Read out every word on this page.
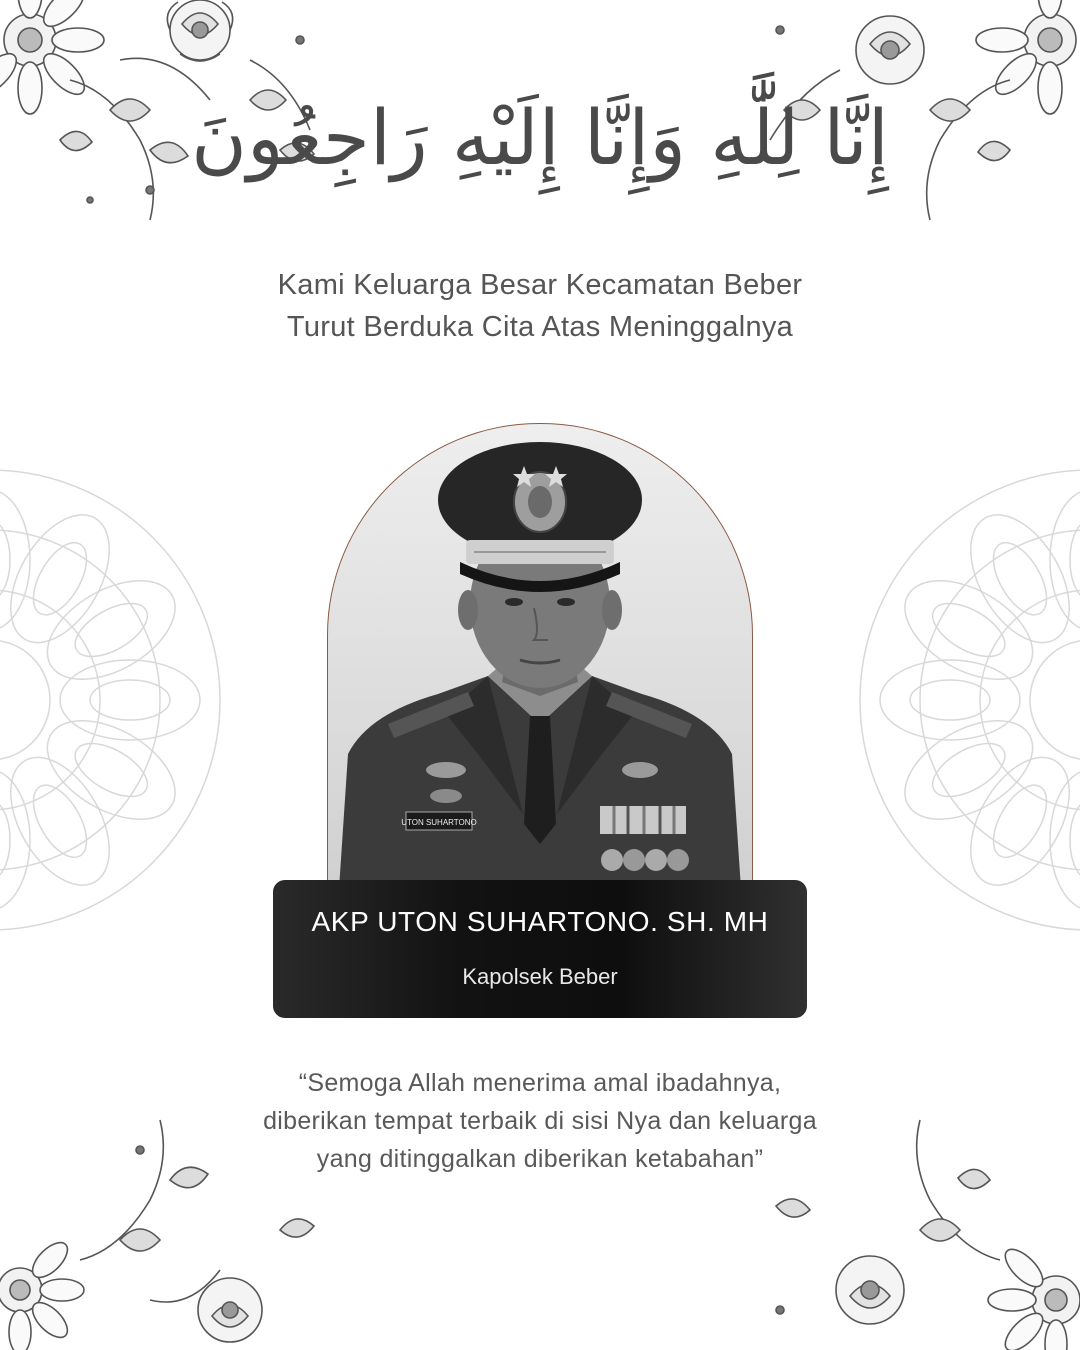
إِنَّا لِلَّٰهِ وَإِنَّا إِلَيْهِ رَاجِعُونَ
Kami Keluarga Besar Kecamatan Beber
Turut Berduka Cita Atas Meninggalnya
UTON SUHARTONO
AKP UTON SUHARTONO. SH. MH
Kapolsek Beber
“Semoga Allah menerima amal ibadahnya,
diberikan tempat terbaik di sisi Nya dan keluarga
yang ditinggalkan diberikan ketabahan”
